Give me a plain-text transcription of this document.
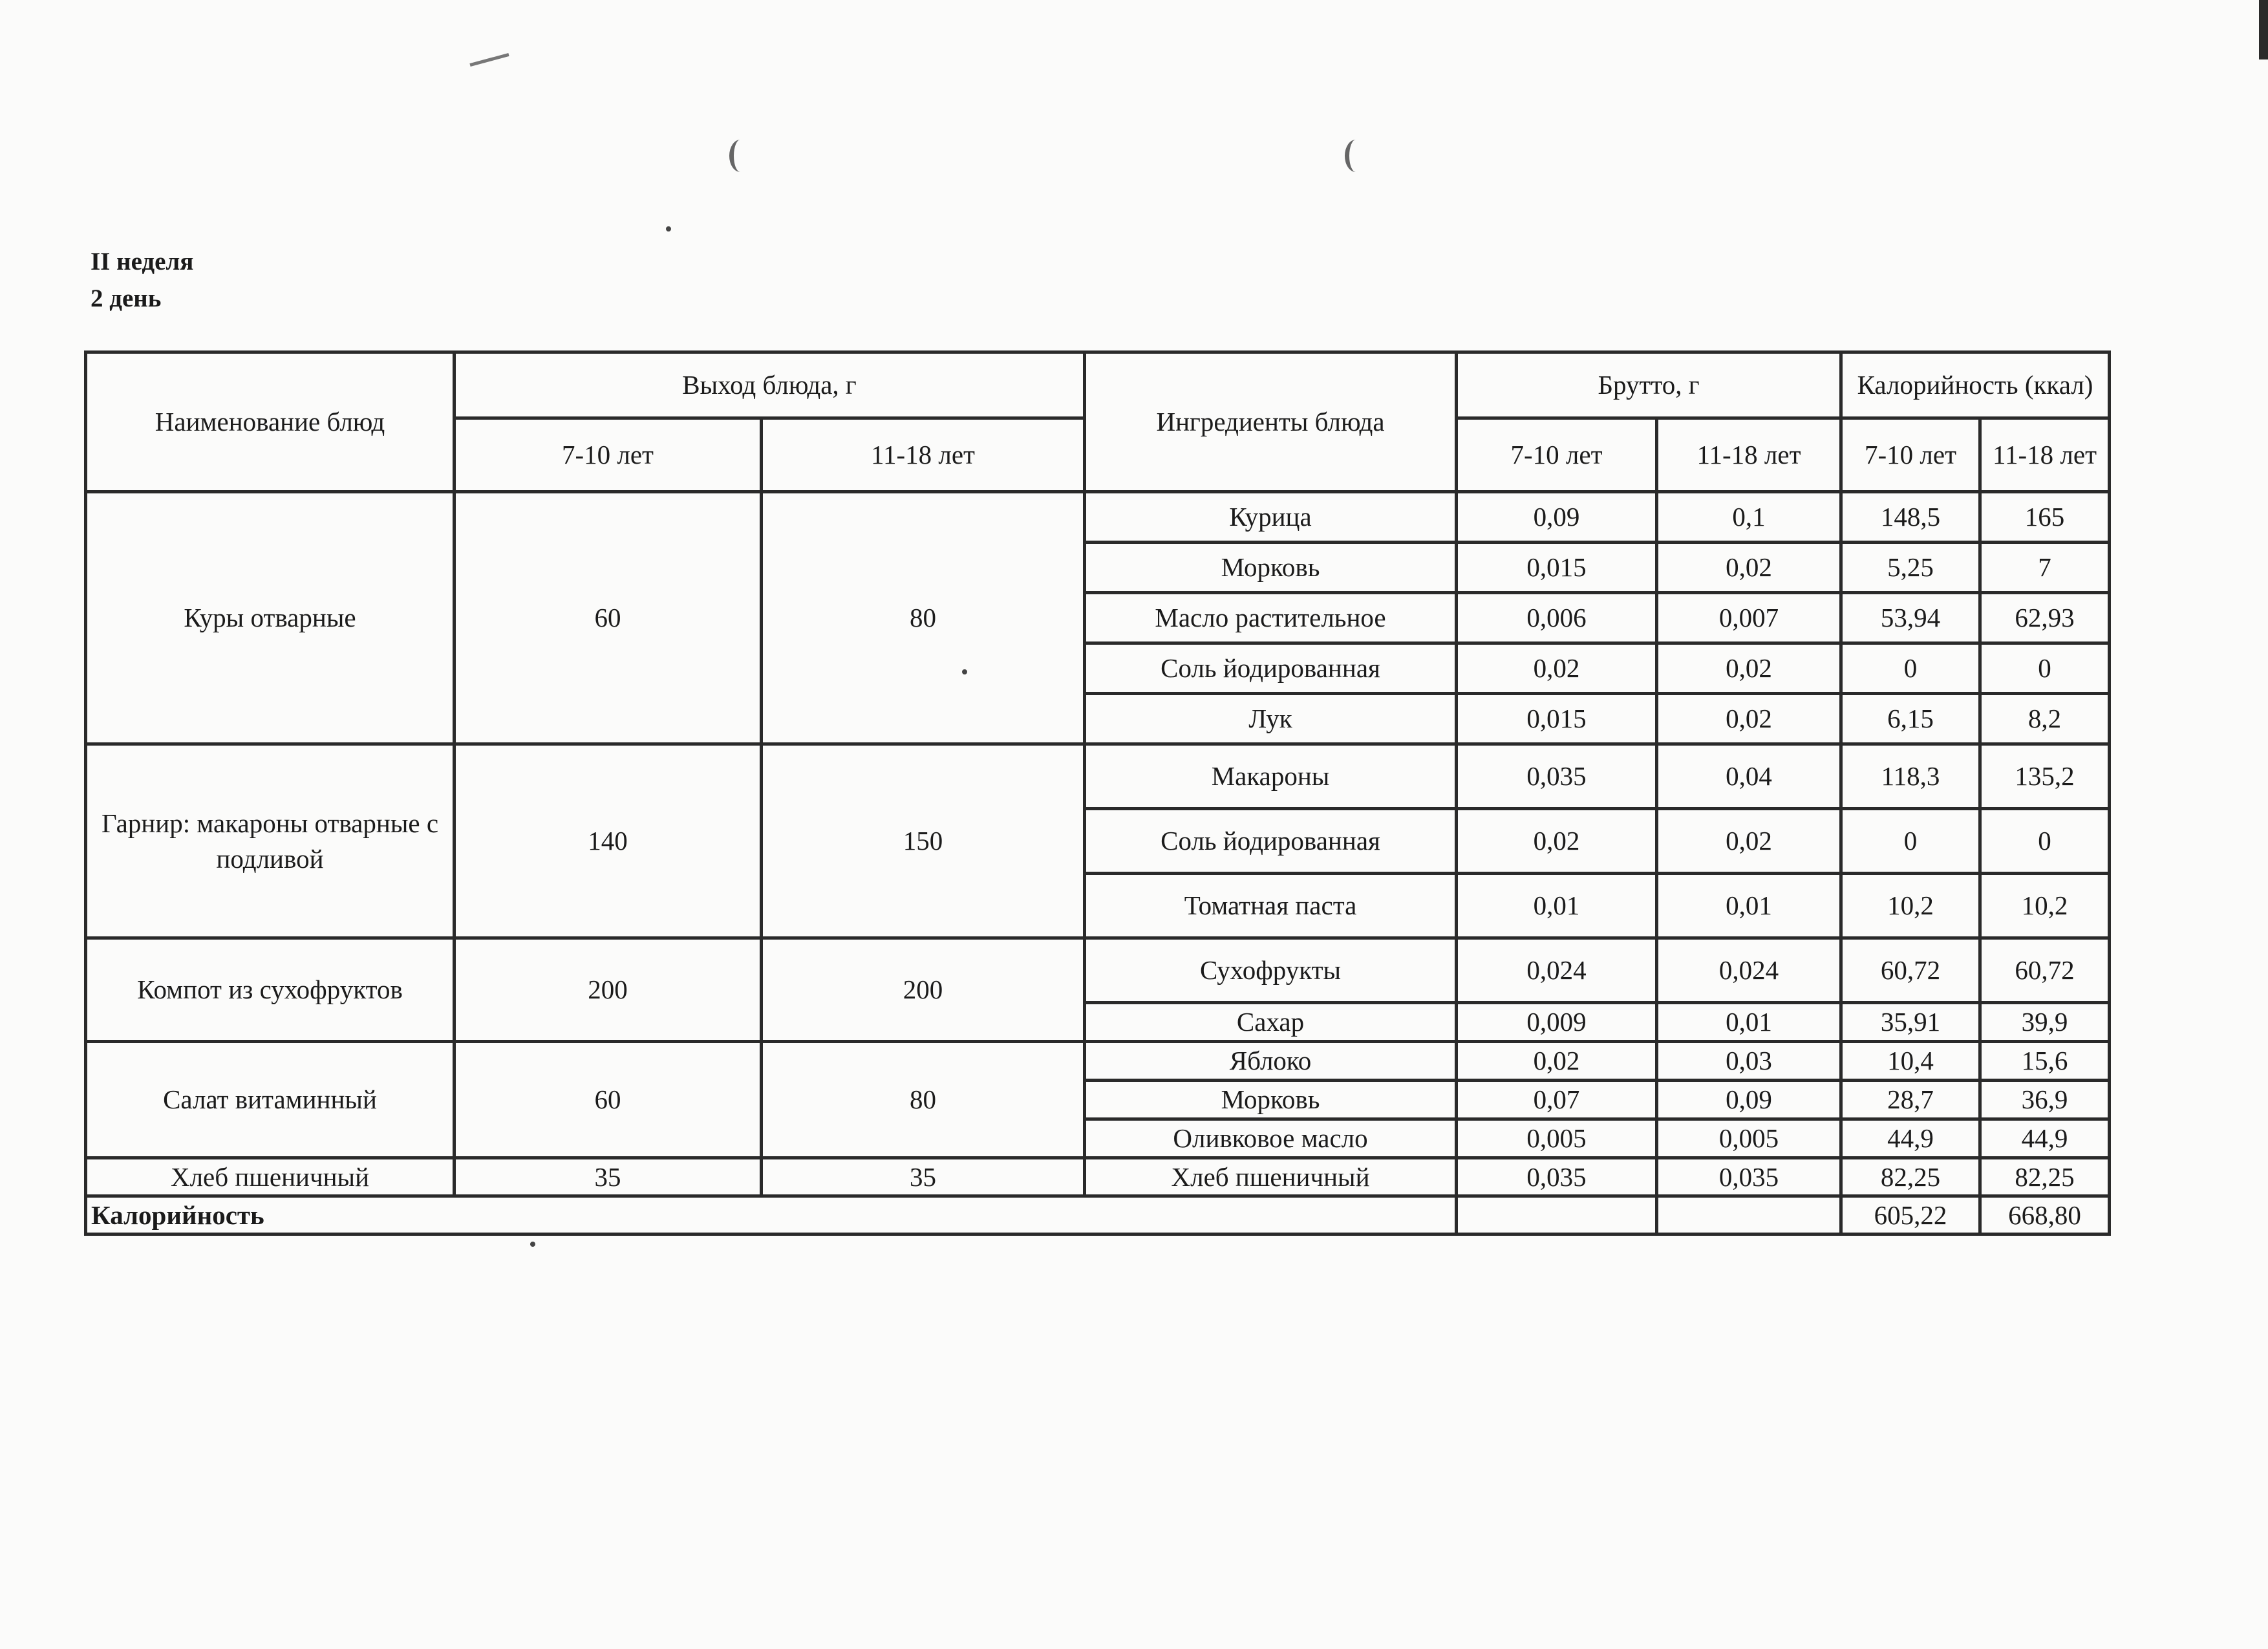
II неделя
2 день
Наименование блюд	Выход блюда, г		Ингредиенты блюда	Брутто, г		Калорийность (ккал)	
	7-10 лет	11-18 лет		7-10 лет	11-18 лет	7-10 лет	11-18 лет
Куры отварные	60	80	Курица	0,09	0,1	148,5	165
			Морковь	0,015	0,02	5,25	7
			Масло растительное	0,006	0,007	53,94	62,93
			Соль йодированная	0,02	0,02	0	0
			Лук	0,015	0,02	6,15	8,2
Гарнир: макароны отварные с подливой	140	150	Макароны	0,035	0,04	118,3	135,2
			Соль йодированная	0,02	0,02	0	0
			Томатная паста	0,01	0,01	10,2	10,2
Компот из сухофруктов	200	200	Сухофрукты	0,024	0,024	60,72	60,72
			Сахар	0,009	0,01	35,91	39,9
Салат витаминный	60	80	Яблоко	0,02	0,03	10,4	15,6
			Морковь	0,07	0,09	28,7	36,9
			Оливковое масло	0,005	0,005	44,9	44,9
Хлеб пшеничный	35	35	Хлеб пшеничный	0,035	0,035	82,25	82,25
Калорийность						605,22	668,80
